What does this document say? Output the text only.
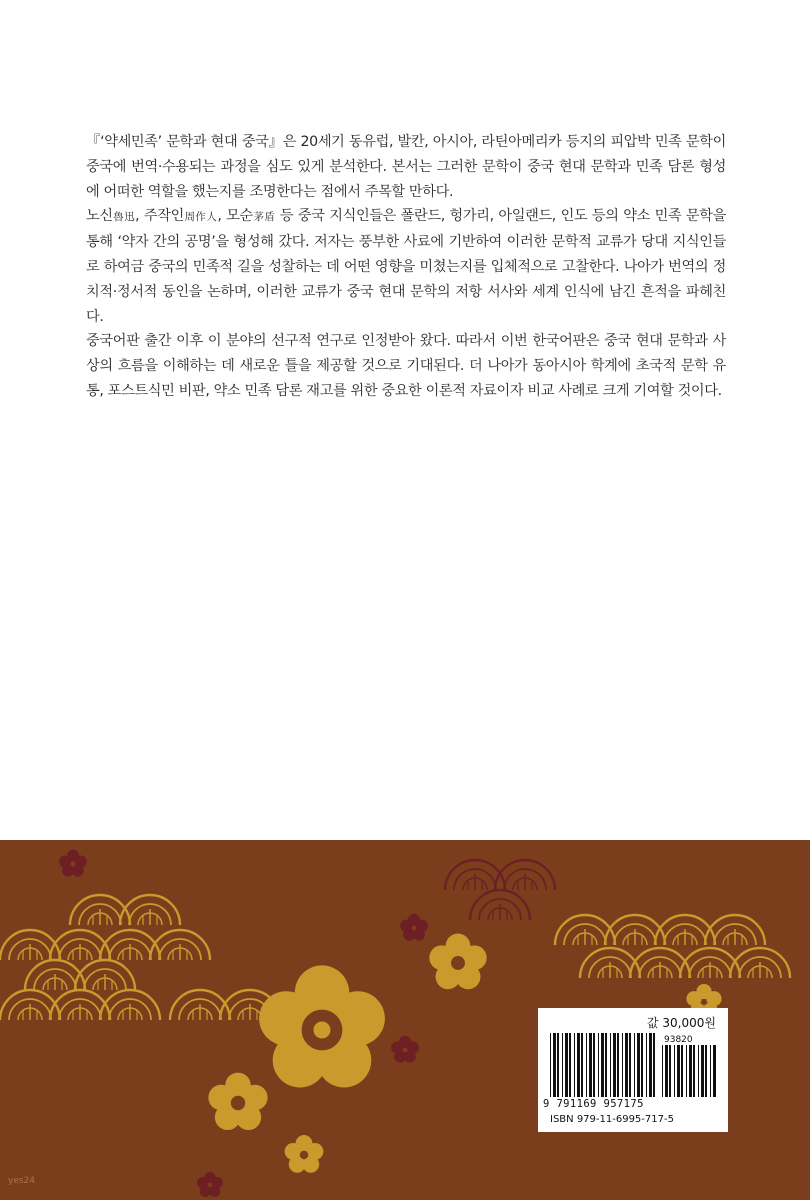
『‘약세민족’ 문학과 현대 중국』은 20세기 동유럽, 발칸, 아시아, 라틴아메리카 등지의 피압박 민족 문학이 중국에 번역·수용되는 과정을 심도 있게 분석한다. 본서는 그러한 문학이 중국 현대 문학과 민족 담론 형성에 어떠한 역할을 했는지를 조명한다는 점에서 주목할 만하다.

노신魯迅, 주작인周作人, 모순茅盾 등 중국 지식인들은 폴란드, 헝가리, 아일랜드, 인도 등의 약소 민족 문학을 통해 ‘약자 간의 공명’을 형성해 갔다. 저자는 풍부한 사료에 기반하여 이러한 문학적 교류가 당대 지식인들로 하여금 중국의 민족적 길을 성찰하는 데 어떤 영향을 미쳤는지를 입체적으로 고찰한다. 나아가 번역의 정치적·정서적 동인을 논하며, 이러한 교류가 중국 현대 문학의 저항 서사와 세계 인식에 남긴 흔적을 파헤친다.

중국어판 출간 이후 이 분야의 선구적 연구로 인정받아 왔다. 따라서 이번 한국어판은 중국 현대 문학과 사상의 흐름을 이해하는 데 새로운 틀을 제공할 것으로 기대된다. 더 나아가 동아시아 학계에 초국적 문학 유통, 포스트식민 비판, 약소 민족 담론 재고를 위한 중요한 이론적 자료이자 비교 사례로 크게 기여할 것이다.

값 30,000원
93820
9 791169 957175
ISBN 979-11-6995-717-5
yes24
